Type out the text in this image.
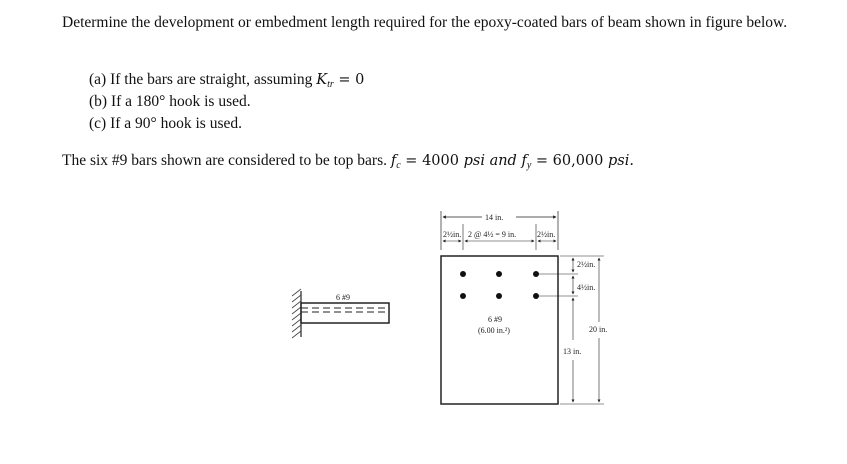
Determine the development or embedment length required for the epoxy-coated bars of beam shown in figure below.

(a) If the bars are straight, assuming $K_{tr} = 0$
(b) If a 180° hook is used.
(c) If a 90° hook is used.
The six #9 bars shown are considered to be top bars. $f_c = 4000$ psi and $f_y = 60,000$ psi.
6 #9
6 #9
(6.00 in.²)
14 in.
2½in. 2 @ 4½ = 9 in.	2½in.
2½in.
4½in.
13 in.
20 in.
